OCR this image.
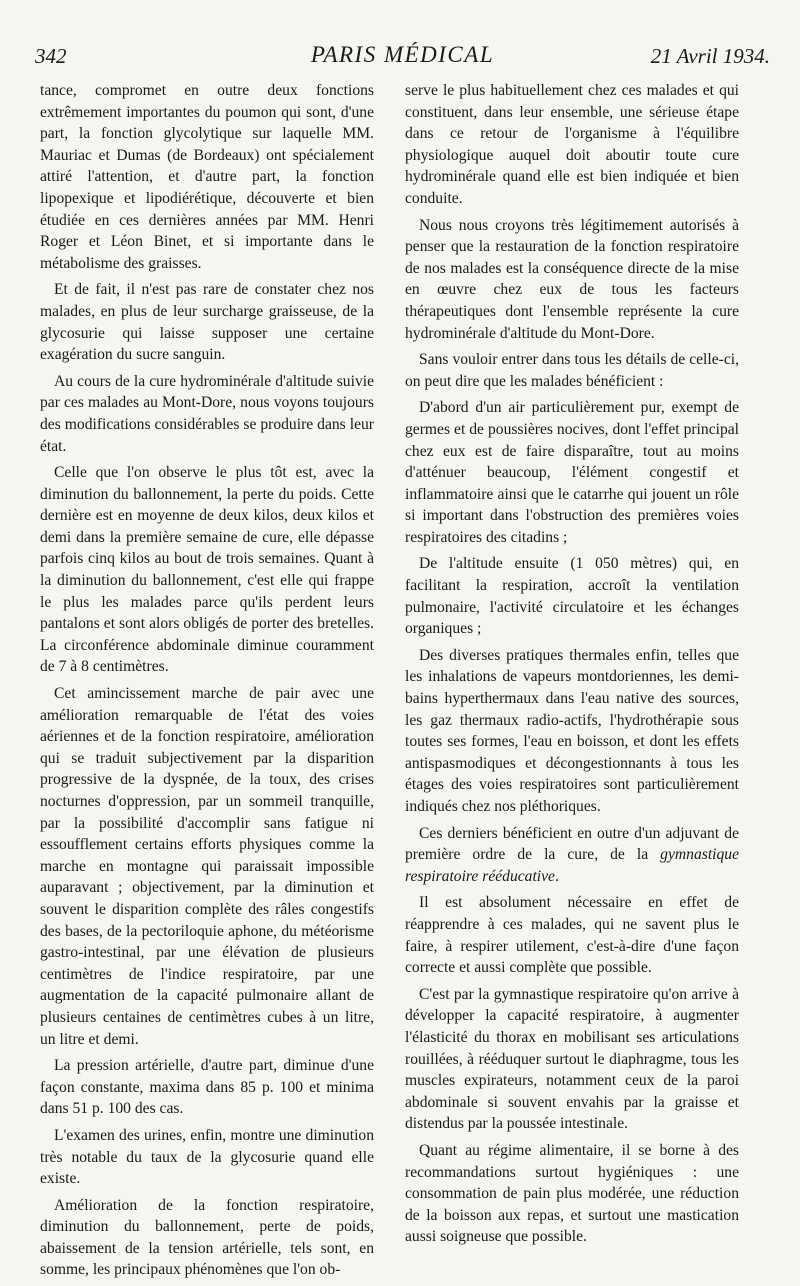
342	PARIS MÉDICAL	21 Avril 1934.

tance, compromet en outre deux fonctions extrêmement importantes du poumon qui sont, d'une part, la fonction glycolytique sur laquelle MM. Mauriac et Dumas (de Bordeaux) ont spécialement attiré l'attention, et d'autre part, la fonction lipopexique et lipodiérétique, découverte et bien étudiée en ces dernières années par MM. Henri Roger et Léon Binet, et si importante dans le métabolisme des graisses.

Et de fait, il n'est pas rare de constater chez nos malades, en plus de leur surcharge graisseuse, de la glycosurie qui laisse supposer une certaine exagération du sucre sanguin.

Au cours de la cure hydrominérale d'altitude suivie par ces malades au Mont-Dore, nous voyons toujours des modifications considérables se produire dans leur état.

Celle que l'on observe le plus tôt est, avec la diminution du ballonnement, la perte du poids. Cette dernière est en moyenne de deux kilos, deux kilos et demi dans la première semaine de cure, elle dépasse parfois cinq kilos au bout de trois semaines. Quant à la diminution du ballonnement, c'est elle qui frappe le plus les malades parce qu'ils perdent leurs pantalons et sont alors obligés de porter des bretelles. La circonférence abdominale diminue couramment de 7 à 8 centimètres.

Cet amincissement marche de pair avec une amélioration remarquable de l'état des voies aériennes et de la fonction respiratoire, amélioration qui se traduit subjectivement par la disparition progressive de la dyspnée, de la toux, des crises nocturnes d'oppression, par un sommeil tranquille, par la possibilité d'accomplir sans fatigue ni essoufflement certains efforts physiques comme la marche en montagne qui paraissait impossible auparavant ; objectivement, par la diminution et souvent le disparition complète des râles congestifs des bases, de la pectoriloquie aphone, du météorisme gastro-intestinal, par une élévation de plusieurs centimètres de l'indice respiratoire, par une augmentation de la capacité pulmonaire allant de plusieurs centaines de centimètres cubes à un litre, un litre et demi.

La pression artérielle, d'autre part, diminue d'une façon constante, maxima dans 85 p. 100 et minima dans 51 p. 100 des cas.

L'examen des urines, enfin, montre une diminution très notable du taux de la glycosurie quand elle existe.

Amélioration de la fonction respiratoire, diminution du ballonnement, perte de poids, abaissement de la tension artérielle, tels sont, en somme, les principaux phénomènes que l'on ob-

serve le plus habituellement chez ces malades et qui constituent, dans leur ensemble, une sérieuse étape dans ce retour de l'organisme à l'équilibre physiologique auquel doit aboutir toute cure hydrominérale quand elle est bien indiquée et bien conduite.

Nous nous croyons très légitimement autorisés à penser que la restauration de la fonction respiratoire de nos malades est la conséquence directe de la mise en œuvre chez eux de tous les facteurs thérapeutiques dont l'ensemble représente la cure hydrominérale d'altitude du Mont-Dore.

Sans vouloir entrer dans tous les détails de celle-ci, on peut dire que les malades bénéficient :

D'abord d'un air particulièrement pur, exempt de germes et de poussières nocives, dont l'effet principal chez eux est de faire disparaître, tout au moins d'atténuer beaucoup, l'élément congestif et inflammatoire ainsi que le catarrhe qui jouent un rôle si important dans l'obstruction des premières voies respiratoires des citadins ;

De l'altitude ensuite (1 050 mètres) qui, en facilitant la respiration, accroît la ventilation pulmonaire, l'activité circulatoire et les échanges organiques ;

Des diverses pratiques thermales enfin, telles que les inhalations de vapeurs montdoriennes, les demi-bains hyperthermaux dans l'eau native des sources, les gaz thermaux radio-actifs, l'hydrothérapie sous toutes ses formes, l'eau en boisson, et dont les effets antispasmodiques et décongestionnants à tous les étages des voies respiratoires sont particulièrement indiqués chez nos pléthoriques.

Ces derniers bénéficient en outre d'un adjuvant de première ordre de la cure, de la gymnastique respiratoire rééducative.

Il est absolument nécessaire en effet de réapprendre à ces malades, qui ne savent plus le faire, à respirer utilement, c'est-à-dire d'une façon correcte et aussi complète que possible.

C'est par la gymnastique respiratoire qu'on arrive à développer la capacité respiratoire, à augmenter l'élasticité du thorax en mobilisant ses articulations rouillées, à rééduquer surtout le diaphragme, tous les muscles expirateurs, notamment ceux de la paroi abdominale si souvent envahis par la graisse et distendus par la poussée intestinale.

Quant au régime alimentaire, il se borne à des recommandations surtout hygiéniques : une consommation de pain plus modérée, une réduction de la boisson aux repas, et surtout une mastication aussi soigneuse que possible.
